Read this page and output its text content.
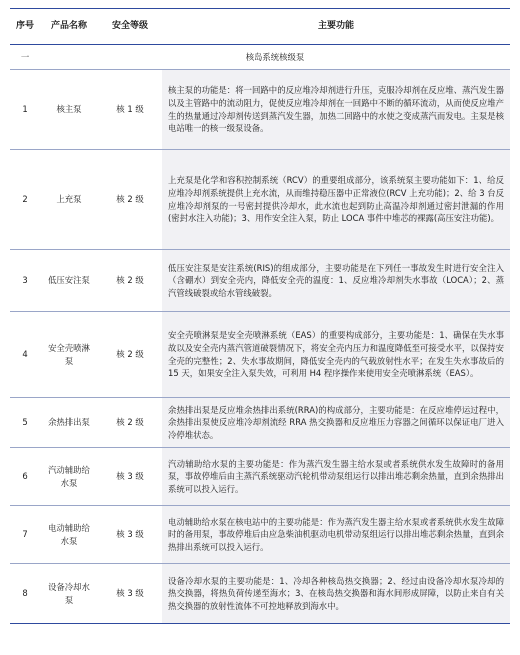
序号	产品名称	安全等级	主要功能
一	核岛系统核级泵		
1	核主泵	核 1 级	核主泵的功能是：将一回路中的反应堆冷却剂进行升压，克服冷却剂在反应堆、蒸汽发生器以及主管路中的流动阻力，促使反应堆冷却剂在一回路中不断的循环流动，从而使反应堆产生的热量通过冷却剂传送到蒸汽发生器，加热二回路中的水使之变成蒸汽而发电。主泵是核电站唯一的核一级泵设备。
2	上充泵	核 2 级	上充泵是化学和容积控制系统（RCV）的重要组成部分，该系统泵主要功能如下：1、给反应堆冷却剂系统提供上充水流，从而维持稳压器中正常液位(RCV 上充功能)；2、给 3 台反应堆冷却剂泵的一号密封提供冷却水，此水流也起到防止高温冷却剂通过密封泄漏的作用(密封水注入功能)；3、用作安全注入泵，防止 LOCA 事件中堆芯的裸露(高压安注功能)。
3	低压安注泵	核 2 级	低压安注泵是安注系统(RIS)的组成部分，主要功能是在下列任一事故发生时进行安全注入（含硼水）到安全壳内，降低安全壳的温度：1、反应堆冷却剂失水事故（LOCA）；2、蒸汽管线破裂或给水管线破裂。
4	安全壳喷淋泵	核 2 级	安全壳喷淋泵是安全壳喷淋系统（EAS）的重要构成部分，主要功能是：1、确保在失水事故以及安全壳内蒸汽管道破裂情况下，将安全壳内压力和温度降低至可接受水平，以保持安全壳的完整性；2、失水事故期间，降低安全壳内的气载放射性水平；在发生失水事故后的 15 天，如果安全注入泵失效，可利用 H4 程序操作来使用安全壳喷淋系统（EAS）。
5	余热排出泵	核 2 级	余热排出泵是反应堆余热排出系统(RRA)的构成部分，主要功能是：在反应堆停运过程中，余热排出泵使反应堆冷却剂流经 RRA 热交换器和反应堆压力容器之间循环以保证电厂进入冷停堆状态。
6	汽动辅助给水泵	核 3 级	汽动辅助给水泵的主要功能是：作为蒸汽发生器主给水泵或者系统供水发生故障时的备用泵，事故停堆后由主蒸汽系统驱动汽轮机带动泵组运行以排出堆芯剩余热量，直到余热排出系统可以投入运行。
7	电动辅助给水泵	核 3 级	电动辅助给水泵在核电站中的主要功能是：作为蒸汽发生器主给水泵或者系统供水发生故障时的备用泵，事故停堆后由应急柴油机驱动电机带动泵组运行以排出堆芯剩余热量，直到余热排出系统可以投入运行。
8	设备冷却水泵	核 3 级	设备冷却水泵的主要功能是：1、冷却各种核岛热交换器；2、经过由设备冷却水泵冷却的热交换器，将热负荷传递至海水；3、在核岛热交换器和海水间形成屏障，以防止来自有关热交换器的放射性流体不可控地释放到海水中。
